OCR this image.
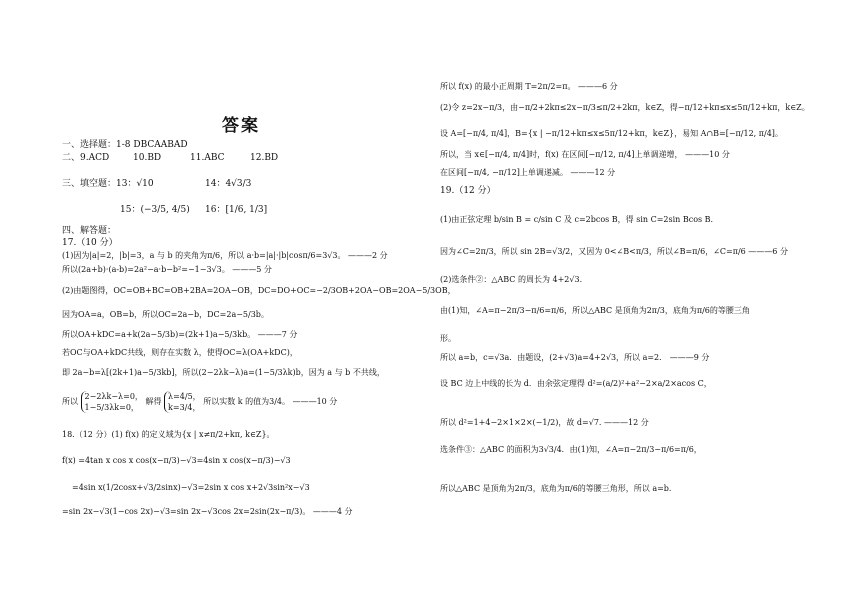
答案
一、选择题：1-8 DBCAABAD
二、9.ACD	10.BD	11.ABC	12.BD
三、填空题：13：√10	14：4√3/3
15：(−3/5, 4/5) 16：[1/6, 1/3]
四、解答题：
17.（10 分）
(1)因为|a|=2，|b|=3，a 与 b 的夹角为π/6，所以 a·b=|a|·|b|cosπ/6=3√3。 ———2 分
所以(2a+b)·(a-b)=2a²−a·b−b²=−1−3√3。 ———5 分
(2)由题图得，OC=OB+BC=OB+2BA=2OA−OB，DC=DO+OC=−2/3OB+2OA−OB=2OA−5/3OB，
因为OA=a，OB=b，所以OC=2a−b，DC=2a−5/3b。
所以OA+kDC=a+k(2a−5/3b)=(2k+1)a−5/3kb。 ———7 分
若OC与OA+kDC共线，则存在实数 λ，使得OC=λ(OA+kDC)，
即 2a−b=λ[(2k+1)a−5/3kb]，所以(2−2λk−λ)a=(1−5/3λk)b，因为 a 与 b 不共线，
所以
2−2λk−λ=0，
1−5/3λk=0，
解得
λ=4/5，
k=3/4，
所以实数 k 的值为3/4。 ———10 分
18.（12 分）(1) f(x) 的定义域为{x | x≠π/2+kπ, k∈Z}。
f(x) =4tan x cos x cos(x−π/3)−√3=4sin x cos(x−π/3)−√3
=4sin x(1/2cosx+√3/2sinx)−√3=2sin x cos x+2√3sin²x−√3
=sin 2x−√3(1−cos 2x)−√3=sin 2x−√3cos 2x=2sin(2x−π/3)。 ———4 分
所以 f(x) 的最小正周期 T=2π/2=π。 ———6 分
(2)令 z=2x−π/3，由−π/2+2kπ≤2x−π/3≤π/2+2kπ，k∈Z，得−π/12+kπ≤x≤5π/12+kπ，k∈Z。
设 A=[−π/4, π/4]，B={x | −π/12+kπ≤x≤5π/12+kπ，k∈Z}，易知 A∩B=[−π/12, π/4]。
所以，当 x∈[−π/4, π/4]时，f(x) 在区间[−π/12, π/4]上单调递增， ———10 分
在区间[−π/4, −π/12]上单调递减。 ———12 分
19.（12 分）
(1)由正弦定理 b/sin B = c/sin C 及 c=2bcos B，得 sin C=2sin Bcos B.
因为∠C=2π/3，所以 sin 2B=√3/2，又因为 0<∠B<π/3，所以∠B=π/6，∠C=π/6 ———6 分
(2)选条件②：△ABC 的周长为 4+2√3.
由(1)知，∠A=π−2π/3−π/6=π/6，所以△ABC 是顶角为2π/3，底角为π/6的等腰三角
形。
所以 a=b，c=√3a．由题设，(2+√3)a=4+2√3，所以 a=2． ———9 分
设 BC 边上中线的长为 d．由余弦定理得 d²=(a/2)²+a²−2×a/2×acos C，
所以 d²=1+4−2×1×2×(−1/2)，故 d=√7. ———12 分
选条件③：△ABC 的面积为3√3/4．由(1)知，∠A=π−2π/3−π/6=π/6，
所以△ABC 是顶角为2π/3，底角为π/6的等腰三角形，所以 a=b.
